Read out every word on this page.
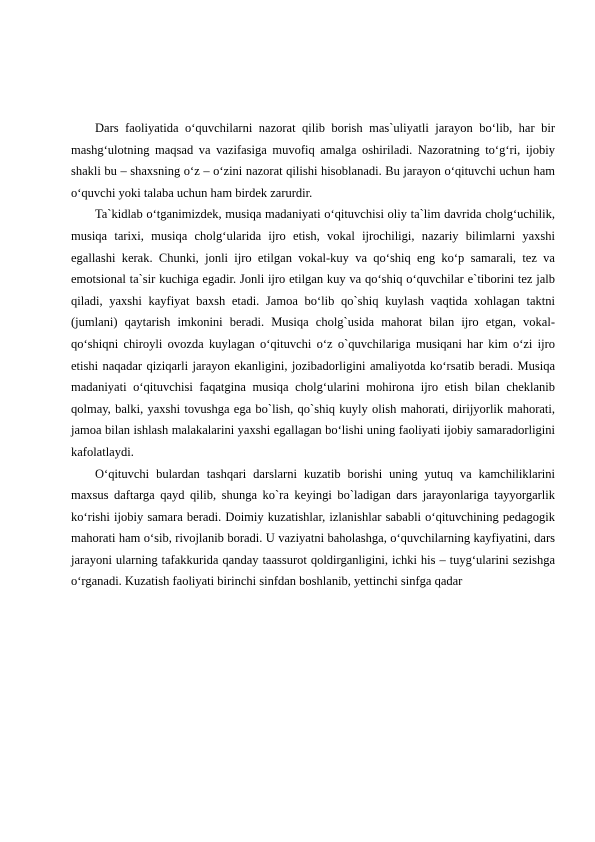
Dars faoliyatida o‘quvchilarni nazorat qilib borish mas`uliyatli jarayon bo‘lib, har bir mashg‘ulotning maqsad va vazifasiga muvofiq amalga oshiriladi. Nazoratning to‘g‘ri, ijobiy shakli bu – shaxsning o‘z – o‘zini nazorat qilishi hisoblanadi. Bu jarayon o‘qituvchi uchun ham o‘quvchi yoki talaba uchun ham birdek zarurdir.

Ta`kidlab o‘tganimizdek, musiqa madaniyati o‘qituvchisi oliy ta`lim davrida cholg‘uchilik, musiqa tarixi, musiqa cholg‘ularida ijro etish, vokal ijrochiligi, nazariy bilimlarni yaxshi egallashi kerak. Chunki, jonli ijro etilgan vokal-kuy va qo‘shiq eng ko‘p samarali, tez va emotsional ta`sir kuchiga egadir. Jonli ijro etilgan kuy va qo‘shiq o‘quvchilar e`tiborini tez jalb qiladi, yaxshi kayfiyat baxsh etadi. Jamoa bo‘lib qo`shiq kuylash vaqtida xohlagan taktni (jumlani) qaytarish imkonini beradi. Musiqa cholg`usida mahorat bilan ijro etgan, vokal-qo‘shiqni chiroyli ovozda kuylagan o‘qituvchi o‘z o`quvchilariga musiqani har kim o‘zi ijro etishi naqadar qiziqarli jarayon ekanligini, jozibadorligini amaliyotda ko‘rsatib beradi. Musiqa madaniyati o‘qituvchisi faqatgina musiqa cholg‘ularini mohirona ijro etish bilan cheklanib qolmay, balki, yaxshi tovushga ega bo`lish, qo`shiq kuyly olish mahorati, dirijyorlik mahorati, jamoa bilan ishlash malakalarini yaxshi egallagan bo‘lishi uning faoliyati ijobiy samaradorligini kafolatlaydi.

O‘qituvchi bulardan tashqari darslarni kuzatib borishi uning yutuq va kamchiliklarini maxsus daftarga qayd qilib, shunga ko`ra keyingi bo`ladigan dars jarayonlariga tayyorgarlik ko‘rishi ijobiy samara beradi. Doimiy kuzatishlar, izlanishlar sababli o‘qituvchining pedagogik mahorati ham o‘sib, rivojlanib boradi. U vaziyatni baholashga, o‘quvchilarning kayfiyatini, dars jarayoni ularning tafakkurida qanday taassurot qoldirganligini, ichki his – tuyg‘ularini sezishga o‘rganadi. Kuzatish faoliyati birinchi sinfdan boshlanib, yettinchi sinfga qadar
